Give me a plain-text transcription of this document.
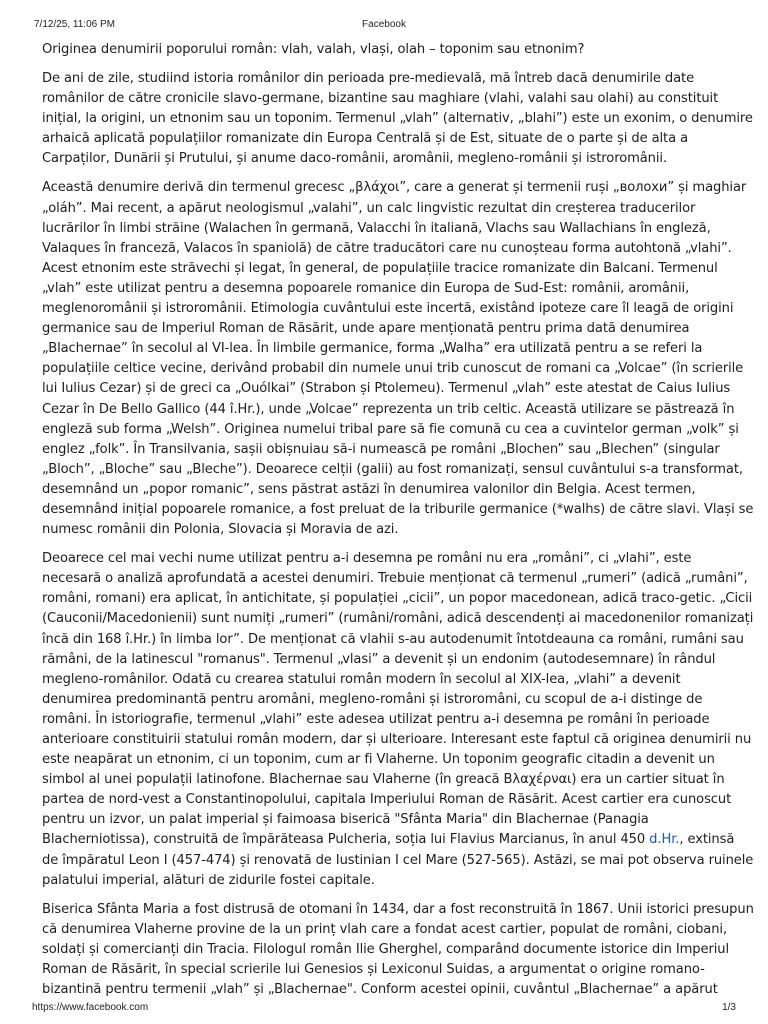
7/12/25, 11:06 PM	Facebook
Originea denumirii poporului român: vlah, valah, vlași, olah – toponim sau etnonim?

De ani de zile, studiind istoria românilor din perioada pre-medievală, mă întreb dacă denumirile date românilor de către cronicile slavo-germane, bizantine sau maghiare (vlahi, valahi sau olahi) au constituit inițial, la origini, un etnonim sau un toponim. Termenul „vlah” (alternativ, „blahi”) este un exonim, o denumire arhaică aplicată populațiilor romanizate din Europa Centrală și de Est, situate de o parte și de alta a Carpaților, Dunării și Prutului, și anume daco-românii, aromânii, megleno-românii și istroromânii.

Această denumire derivă din termenul grecesc „βλάχοι”, care a generat și termenii ruși „волохи” și maghiar „oláh”. Mai recent, a apărut neologismul „valahi”, un calc lingvistic rezultat din creșterea traducerilor lucrărilor în limbi străine (Walachen în germană, Valacchi în italiană, Vlachs sau Wallachians în engleză, Valaques în franceză, Valacos în spaniolă) de către traducători care nu cunoșteau forma autohtonă „vlahi”. Acest etnonim este străvechi și legat, în general, de populațiile tracice romanizate din Balcani. Termenul „vlah” este utilizat pentru a desemna popoarele romanice din Europa de Sud-Est: românii, aromânii, meglenoromânii și istroromânii. Etimologia cuvântului este incertă, existând ipoteze care îl leagă de origini germanice sau de Imperiul Roman de Răsărit, unde apare menționată pentru prima dată denumirea „Blachernae” în secolul al VI-lea. În limbile germanice, forma „Walha” era utilizată pentru a se referi la populațiile celtice vecine, derivând probabil din numele unui trib cunoscut de romani ca „Volcae” (în scrierile lui Iulius Cezar) și de greci ca „Ouólkai” (Strabon și Ptolemeu). Termenul „vlah” este atestat de Caius Iulius Cezar în De Bello Gallico (44 î.Hr.), unde „Volcae” reprezenta un trib celtic. Această utilizare se păstrează în engleză sub forma „Welsh”. Originea numelui tribal pare să fie comună cu cea a cuvintelor german „volk” și englez „folk”. În Transilvania, sașii obișnuiau să-i numească pe români „Blochen” sau „Blechen” (singular „Bloch”, „Bloche” sau „Bleche”). Deoarece celții (galii) au fost romanizați, sensul cuvântului s-a transformat, desemnând un „popor romanic”, sens păstrat astăzi în denumirea valonilor din Belgia. Acest termen, desemnând inițial popoarele romanice, a fost preluat de la triburile germanice (*walhs) de către slavi. Vlași se numesc românii din Polonia, Slovacia și Moravia de azi.

Deoarece cel mai vechi nume utilizat pentru a-i desemna pe români nu era „români”, ci „vlahi”, este necesară o analiză aprofundată a acestei denumiri. Trebuie menționat că termenul „rumeri” (adică „rumâni”, români, romani) era aplicat, în antichitate, și populației „cicii”, un popor macedonean, adică traco-getic. „Cicii (Cauconii/Macedonienii) sunt numiți „rumeri” (rumâni/români, adică descendenți ai macedonenilor romanizați încă din 168 î.Hr.) în limba lor”. De menționat că vlahii s-au autodenumit întotdeauna ca români, rumâni sau rămâni, de la latinescul "romanus". Termenul „vlasi” a devenit și un endonim (autodesemnare) în rândul megleno-românilor. Odată cu crearea statului român modern în secolul al XIX-lea, „vlahi” a devenit denumirea predominantă pentru aromâni, megleno-români și istroromâni, cu scopul de a-i distinge de români. În istoriografie, termenul „vlahi” este adesea utilizat pentru a-i desemna pe români în perioade anterioare constituirii statului român modern, dar și ulterioare. Interesant este faptul că originea denumirii nu este neapărat un etnonim, ci un toponim, cum ar fi Vlaherne. Un toponim geografic citadin a devenit un simbol al unei populații latinofone. Blachernae sau Vlaherne (în greacă Βλαχέρναι) era un cartier situat în partea de nord-vest a Constantinopolului, capitala Imperiului Roman de Răsărit. Acest cartier era cunoscut pentru un izvor, un palat imperial și faimoasa biserică "Sfânta Maria" din Blachernae (Panagia Blacherniotissa), construită de împărăteasa Pulcheria, soția lui Flavius Marcianus, în anul 450 d.Hr., extinsă de împăratul Leon I (457-474) și renovată de Iustinian I cel Mare (527-565). Astăzi, se mai pot observa ruinele palatului imperial, alături de zidurile fostei capitale.

Biserica Sfânta Maria a fost distrusă de otomani în 1434, dar a fost reconstruită în 1867. Unii istorici presupun că denumirea Vlaherne provine de la un prinț vlah care a fondat acest cartier, populat de români, ciobani, soldați și comercianți din Tracia. Filologul român Ilie Gherghel, comparând documente istorice din Imperiul Roman de Răsărit, în special scrierile lui Genesios și Lexiconul Suidas, a argumentat o origine romano-bizantină pentru termenii „vlah” și „Blachernae". Conform acestei opinii, cuvântul „Blachernae” a apărut

https://www.facebook.com	1/3
